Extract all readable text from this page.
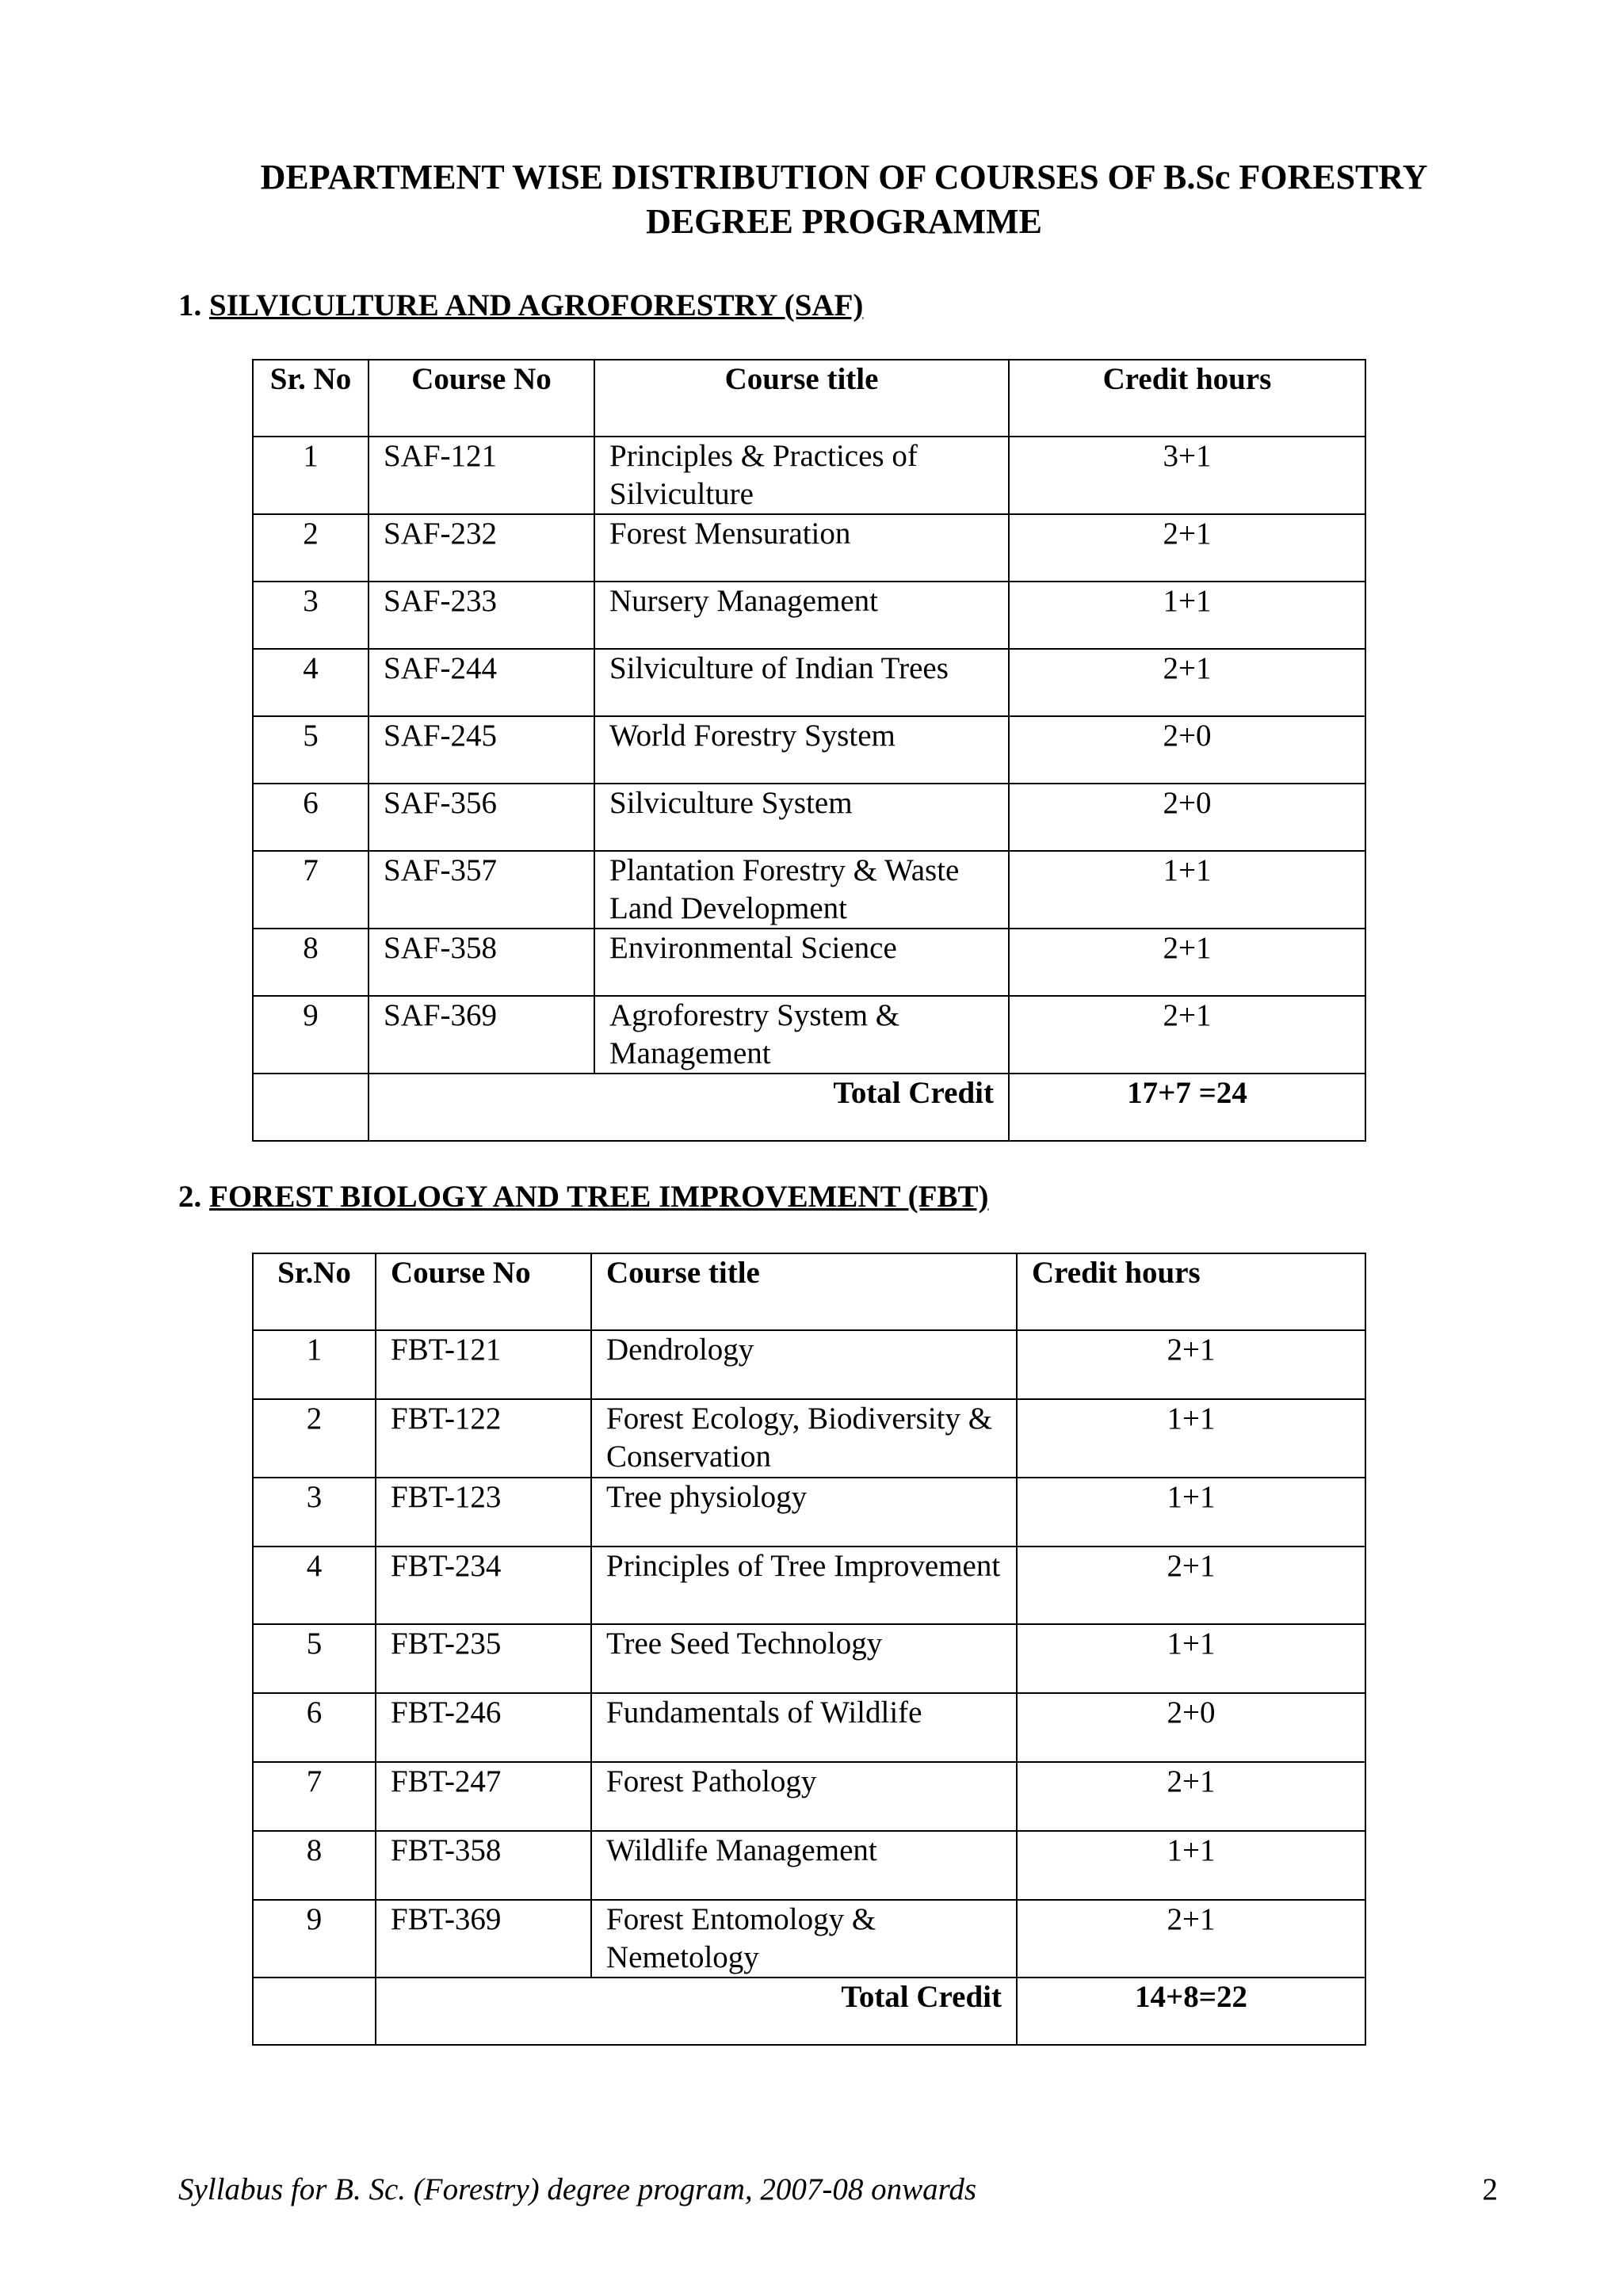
DEPARTMENT WISE DISTRIBUTION OF COURSES OF B.Sc FORESTRY
DEGREE PROGRAMME
1. SILVICULTURE AND AGROFORESTRY (SAF)
Sr. No	Course No	Course title	Credit hours
1	SAF-121	Principles & Practices of Silviculture	3+1
2	SAF-232	Forest Mensuration	2+1
3	SAF-233	Nursery Management	1+1
4	SAF-244	Silviculture of Indian Trees	2+1
5	SAF-245	World Forestry System	2+0
6	SAF-356	Silviculture System	2+0
7	SAF-357	Plantation Forestry & Waste Land Development	1+1
8	SAF-358	Environmental Science	2+1
9	SAF-369	Agroforestry System & Management	2+1
	Total Credit		17+7 =24
2. FOREST BIOLOGY AND TREE IMPROVEMENT (FBT)
Sr.No	Course No	Course title	Credit hours
1	FBT-121	Dendrology	2+1
2	FBT-122	Forest Ecology, Biodiversity & Conservation	1+1
3	FBT-123	Tree physiology	1+1
4	FBT-234	Principles of Tree Improvement	2+1
5	FBT-235	Tree Seed Technology	1+1
6	FBT-246	Fundamentals of Wildlife	2+0
7	FBT-247	Forest Pathology	2+1
8	FBT-358	Wildlife Management	1+1
9	FBT-369	Forest Entomology & Nemetology	2+1
	Total Credit		14+8=22
Syllabus for B. Sc. (Forestry) degree program, 2007-08 onwards	2
